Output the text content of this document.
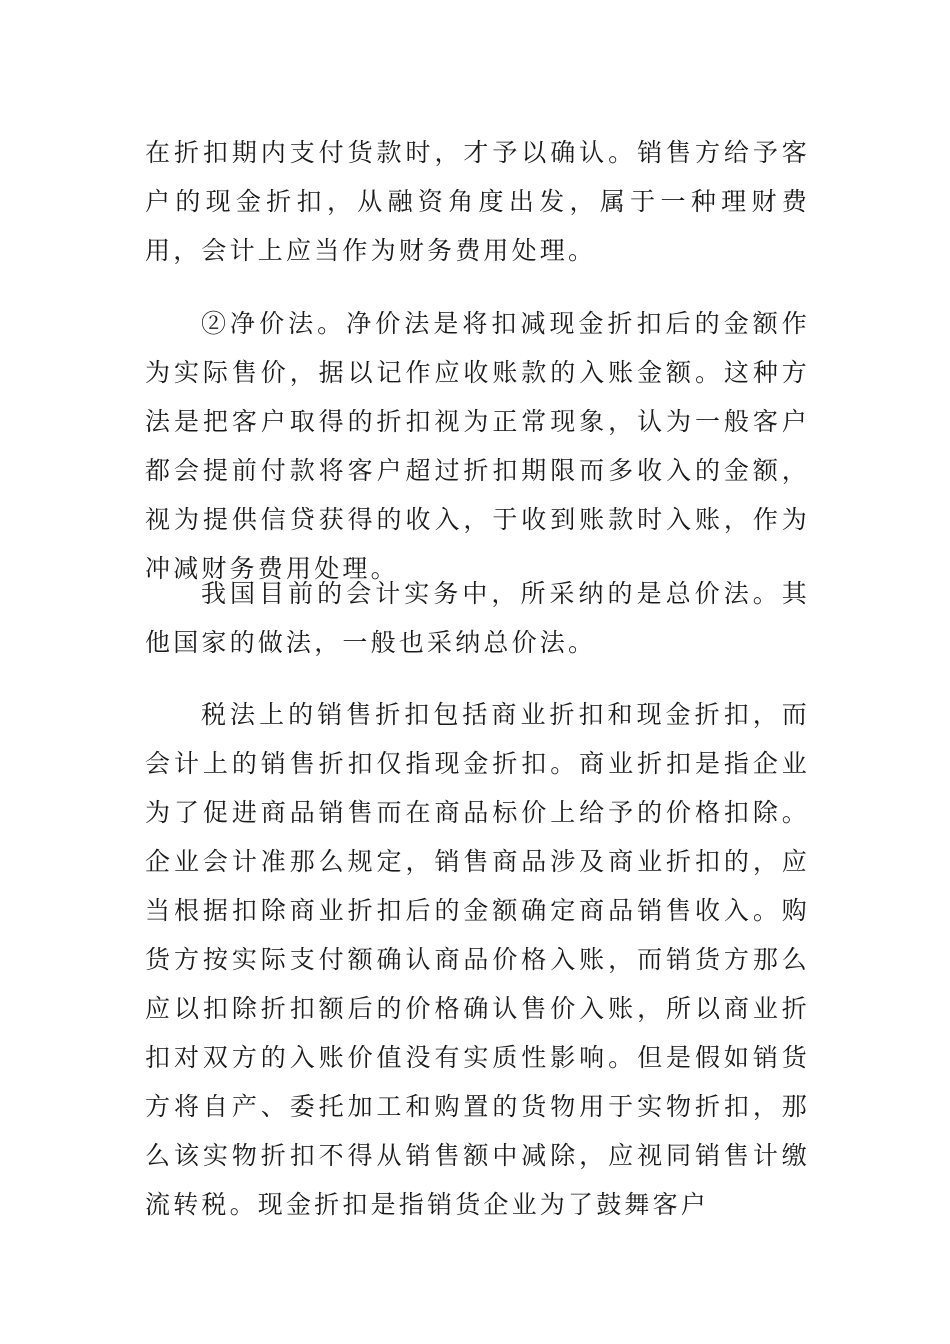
在折扣期内支付货款时，才予以确认。销售方给予客户的现金折扣，从融资角度出发，属于一种理财费用，会计上应当作为财务费用处理。

②净价法。净价法是将扣减现金折扣后的金额作为实际售价，据以记作应收账款的入账金额。这种方法是把客户取得的折扣视为正常现象，认为一般客户都会提前付款将客户超过折扣期限而多收入的金额，视为提供信贷获得的收入，于收到账款时入账，作为冲减财务费用处理。

我国目前的会计实务中，所采纳的是总价法。其他国家的做法，一般也采纳总价法。

税法上的销售折扣包括商业折扣和现金折扣，而会计上的销售折扣仅指现金折扣。商业折扣是指企业为了促进商品销售而在商品标价上给予的价格扣除。企业会计准那么规定，销售商品涉及商业折扣的，应当根据扣除商业折扣后的金额确定商品销售收入。购货方按实际支付额确认商品价格入账，而销货方那么应以扣除折扣额后的价格确认售价入账，所以商业折扣对双方的入账价值没有实质性影响。但是假如销货方将自产、委托加工和购置的货物用于实物折扣，那么该实物折扣不得从销售额中减除，应视同销售计缴流转税。现金折扣是指销货企业为了鼓舞客户
